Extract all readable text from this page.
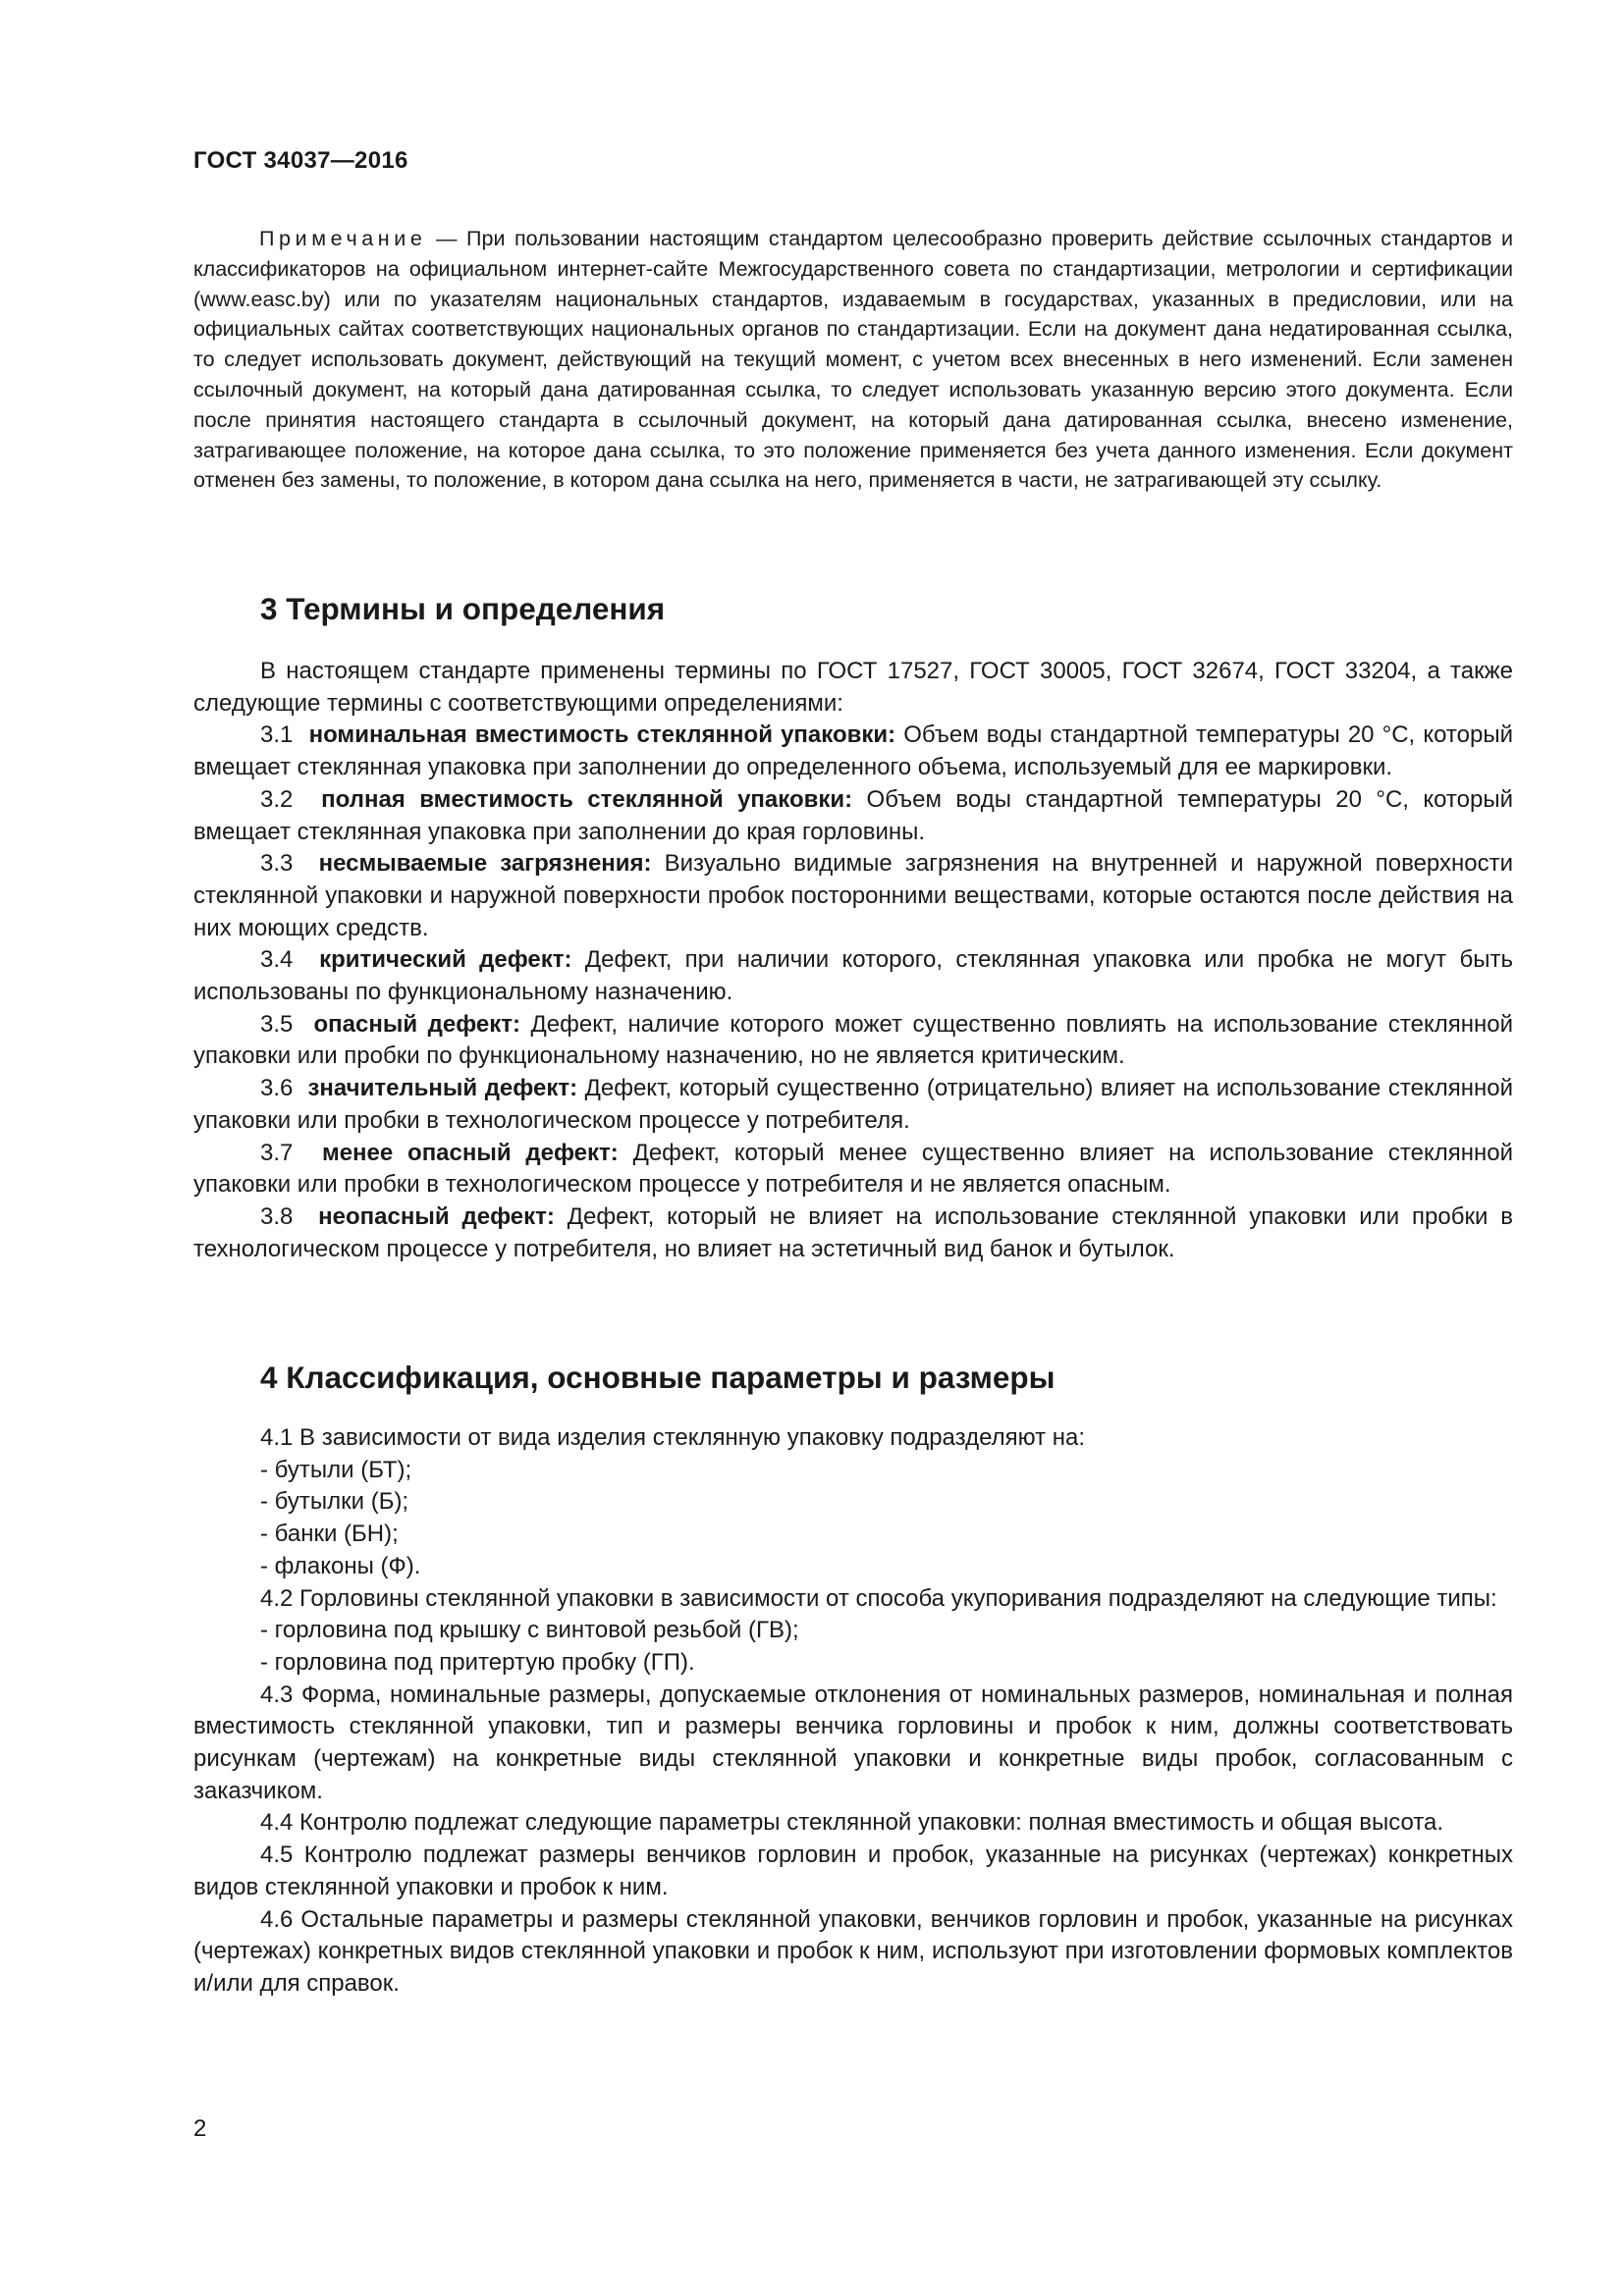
ГОСТ 34037—2016
Примечание — При пользовании настоящим стандартом целесообразно проверить действие ссылочных стандартов и классификаторов на официальном интернет-сайте Межгосударственного совета по стандартизации, метрологии и сертификации (www.easc.by) или по указателям национальных стандартов, издаваемым в государствах, указанных в предисловии, или на официальных сайтах соответствующих национальных органов по стандартизации. Если на документ дана недатированная ссылка, то следует использовать документ, действующий на текущий момент, с учетом всех внесенных в него изменений. Если заменен ссылочный документ, на который дана датированная ссылка, то следует использовать указанную версию этого документа. Если после принятия настоящего стандарта в ссылочный документ, на который дана датированная ссылка, внесено изменение, затрагивающее положение, на которое дана ссылка, то это положение применяется без учета данного изменения. Если документ отменен без замены, то положение, в котором дана ссылка на него, применяется в части, не затрагивающей эту ссылку.
3 Термины и определения

В настоящем стандарте применены термины по ГОСТ 17527, ГОСТ 30005, ГОСТ 32674, ГОСТ 33204, а также следующие термины с соответствующими определениями:

3.1 номинальная вместимость стеклянной упаковки: Объем воды стандартной температуры 20 °С, который вмещает стеклянная упаковка при заполнении до определенного объема, используемый для ее маркировки.

3.2 полная вместимость стеклянной упаковки: Объем воды стандартной температуры 20 °С, который вмещает стеклянная упаковка при заполнении до края горловины.

3.3 несмываемые загрязнения: Визуально видимые загрязнения на внутренней и наружной поверхности стеклянной упаковки и наружной поверхности пробок посторонними веществами, которые остаются после действия на них моющих средств.

3.4 критический дефект: Дефект, при наличии которого, стеклянная упаковка или пробка не могут быть использованы по функциональному назначению.

3.5 опасный дефект: Дефект, наличие которого может существенно повлиять на использование стеклянной упаковки или пробки по функциональному назначению, но не является критическим.

3.6 значительный дефект: Дефект, который существенно (отрицательно) влияет на использование стеклянной упаковки или пробки в технологическом процессе у потребителя.

3.7 менее опасный дефект: Дефект, который менее существенно влияет на использование стеклянной упаковки или пробки в технологическом процессе у потребителя и не является опасным.

3.8 неопасный дефект: Дефект, который не влияет на использование стеклянной упаковки или пробки в технологическом процессе у потребителя, но влияет на эстетичный вид банок и бутылок.

4 Классификация, основные параметры и размеры

4.1 В зависимости от вида изделия стеклянную упаковку подразделяют на:

- бутыли (БТ);

- бутылки (Б);

- банки (БН);

- флаконы (Ф).

4.2 Горловины стеклянной упаковки в зависимости от способа укупоривания подразделяют на следующие типы:

- горловина под крышку с винтовой резьбой (ГВ);

- горловина под притертую пробку (ГП).

4.3 Форма, номинальные размеры, допускаемые отклонения от номинальных размеров, номинальная и полная вместимость стеклянной упаковки, тип и размеры венчика горловины и пробок к ним, должны соответствовать рисункам (чертежам) на конкретные виды стеклянной упаковки и конкретные виды пробок, согласованным с заказчиком.

4.4 Контролю подлежат следующие параметры стеклянной упаковки: полная вместимость и общая высота.

4.5 Контролю подлежат размеры венчиков горловин и пробок, указанные на рисунках (чертежах) конкретных видов стеклянной упаковки и пробок к ним.

4.6 Остальные параметры и размеры стеклянной упаковки, венчиков горловин и пробок, указанные на рисунках (чертежах) конкретных видов стеклянной упаковки и пробок к ним, используют при изготовлении формовых комплектов и/или для справок.

2
